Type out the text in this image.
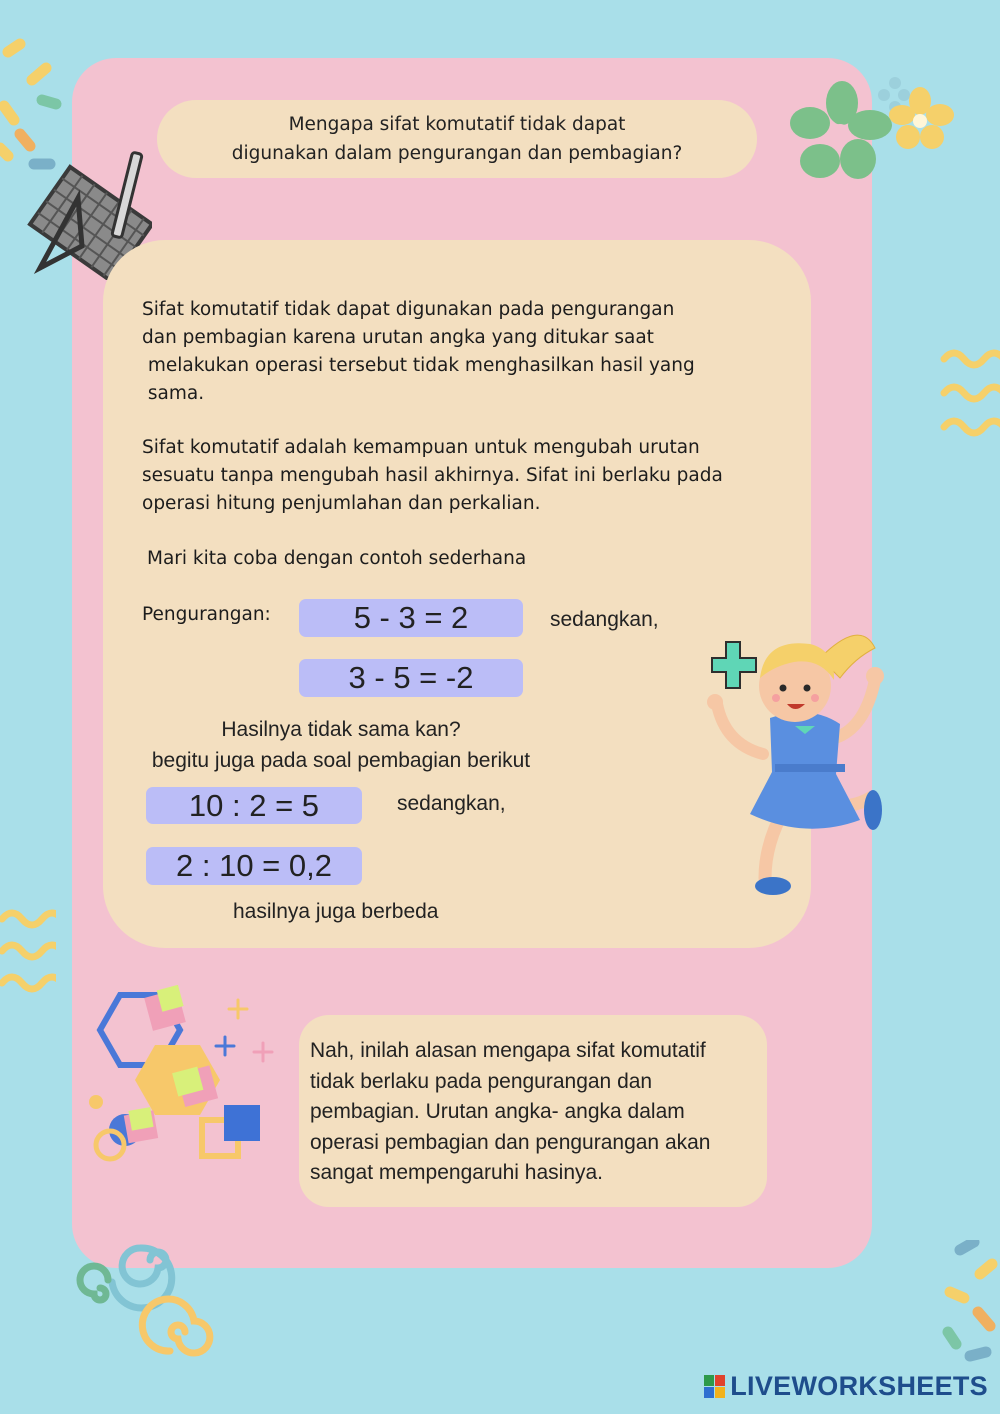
Mengapa sifat komutatif tidak dapat
digunakan dalam pengurangan dan pembagian?

Sifat komutatif tidak dapat digunakan pada pengurangan
dan pembagian karena urutan angka yang ditukar saat
melakukan operasi tersebut tidak menghasilkan hasil yang
sama.

Sifat komutatif adalah kemampuan untuk mengubah urutan
sesuatu tanpa mengubah hasil akhirnya. Sifat ini berlaku pada
operasi hitung penjumlahan dan perkalian.

Mari kita coba dengan contoh sederhana

Pengurangan:	5 - 3 = 2	sedangkan,
3 - 5 = -2
Hasilnya tidak sama kan?
begitu juga pada soal pembagian berikut
10 : 2 = 5	sedangkan,
2 : 10 = 0,2
hasilnya juga berbeda

Nah, inilah alasan mengapa sifat komutatif
tidak berlaku pada pengurangan dan
pembagian. Urutan angka- angka dalam
operasi pembagian dan pengurangan akan
sangat mempengaruhi hasinya.

LIVEWORKSHEETS
